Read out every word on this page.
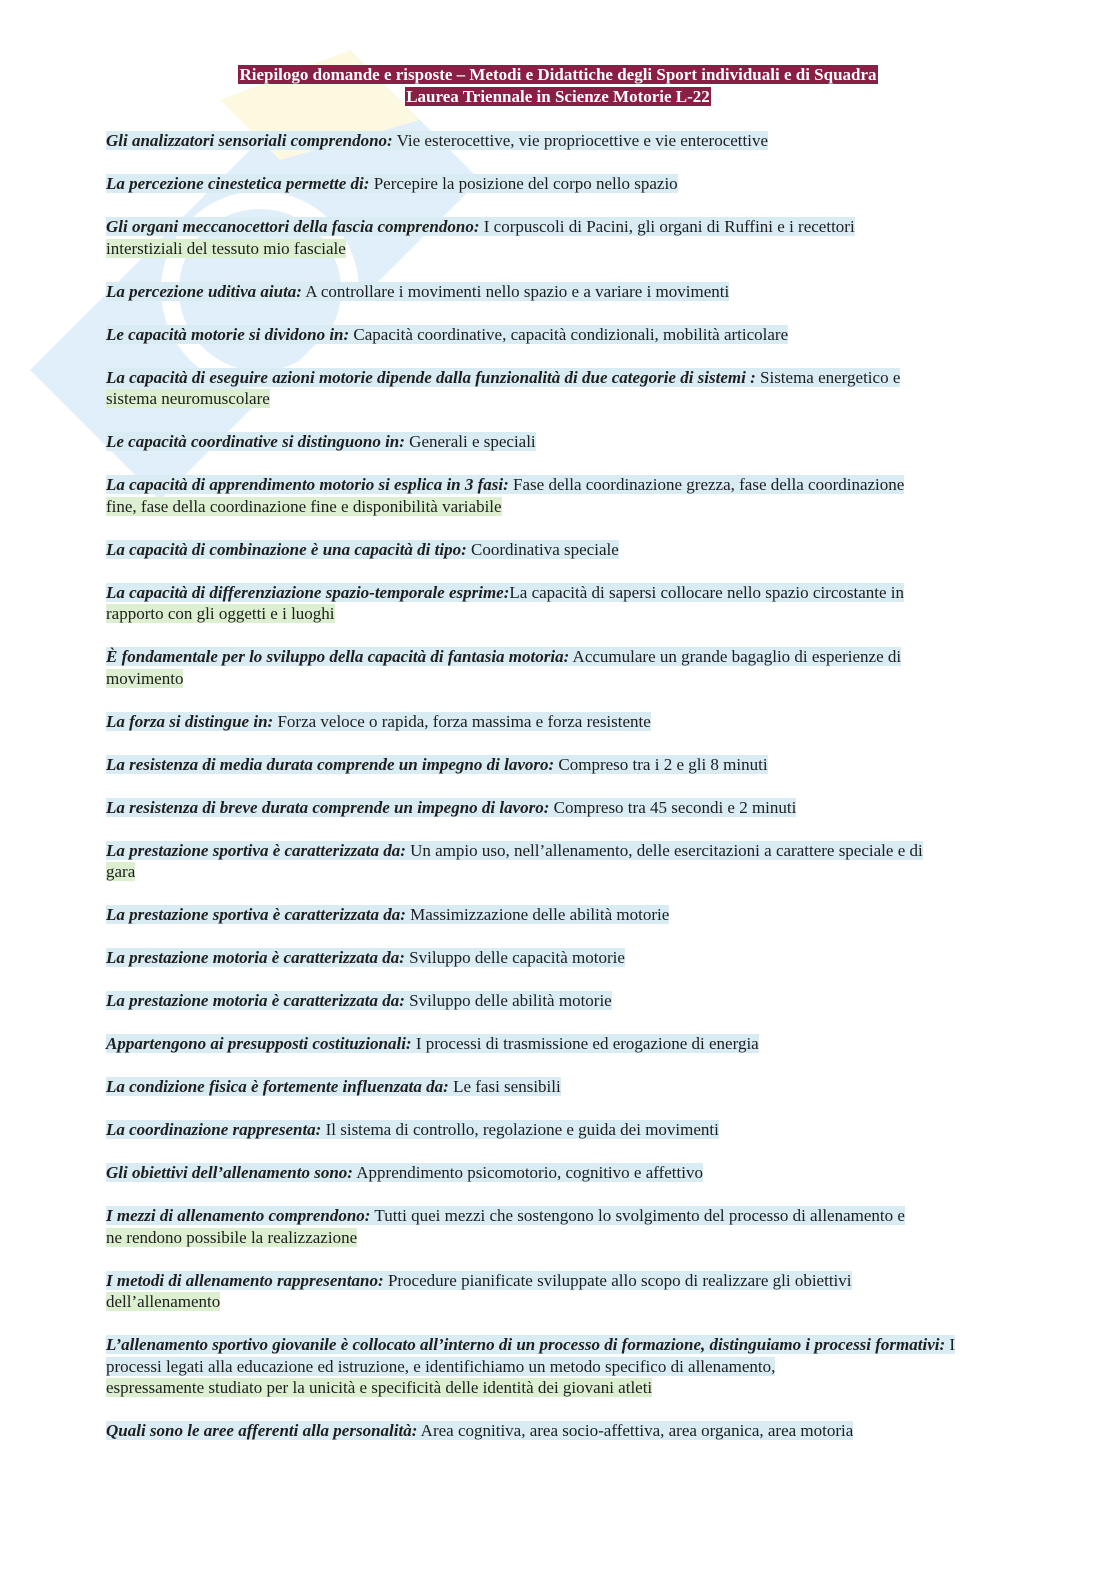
Riepilogo domande e risposte – Metodi e Didattiche degli Sport individuali e di Squadra
Laurea Triennale in Scienze Motorie L-22
Gli analizzatori sensoriali comprendono: Vie esterocettive, vie propriocettive e vie enterocettive
La percezione cinestetica permette di: Percepire la posizione del corpo nello spazio
Gli organi meccanocettori della fascia comprendono: I corpuscoli di Pacini, gli organi di Ruffini e i recettori
interstiziali del tessuto mio fasciale
La percezione uditiva aiuta: A controllare i movimenti nello spazio e a variare i movimenti
Le capacità motorie si dividono in: Capacità coordinative, capacità condizionali, mobilità articolare
La capacità di eseguire azioni motorie dipende dalla funzionalità di due categorie di sistemi : Sistema energetico e
sistema neuromuscolare
Le capacità coordinative si distinguono in: Generali e speciali
La capacità di apprendimento motorio si esplica in 3 fasi: Fase della coordinazione grezza, fase della coordinazione
fine, fase della coordinazione fine e disponibilità variabile
La capacità di combinazione è una capacità di tipo: Coordinativa speciale
La capacità di differenziazione spazio-temporale esprime:La capacità di sapersi collocare nello spazio circostante in
rapporto con gli oggetti e i luoghi
È fondamentale per lo sviluppo della capacità di fantasia motoria: Accumulare un grande bagaglio di esperienze di
movimento
La forza si distingue in: Forza veloce o rapida, forza massima e forza resistente
La resistenza di media durata comprende un impegno di lavoro: Compreso tra i 2 e gli 8 minuti
La resistenza di breve durata comprende un impegno di lavoro: Compreso tra 45 secondi e 2 minuti
La prestazione sportiva è caratterizzata da: Un ampio uso, nell’allenamento, delle esercitazioni a carattere speciale e di
gara
La prestazione sportiva è caratterizzata da: Massimizzazione delle abilità motorie
La prestazione motoria è caratterizzata da: Sviluppo delle capacità motorie
La prestazione motoria è caratterizzata da: Sviluppo delle abilità motorie
Appartengono ai presupposti costituzionali: I processi di trasmissione ed erogazione di energia
La condizione fisica è fortemente influenzata da: Le fasi sensibili
La coordinazione rappresenta: Il sistema di controllo, regolazione e guida dei movimenti
Gli obiettivi dell’allenamento sono: Apprendimento psicomotorio, cognitivo e affettivo
I mezzi di allenamento comprendono: Tutti quei mezzi che sostengono lo svolgimento del processo di allenamento e
ne rendono possibile la realizzazione
I metodi di allenamento rappresentano: Procedure pianificate sviluppate allo scopo di realizzare gli obiettivi
dell’allenamento
L’allenamento sportivo giovanile è collocato all’interno di un processo di formazione, distinguiamo i processi formativi: I processi legati alla educazione ed istruzione, e identifichiamo un metodo specifico di allenamento,
espressamente studiato per la unicità e specificità delle identità dei giovani atleti
Quali sono le aree afferenti alla personalità: Area cognitiva, area socio-affettiva, area organica, area motoria
